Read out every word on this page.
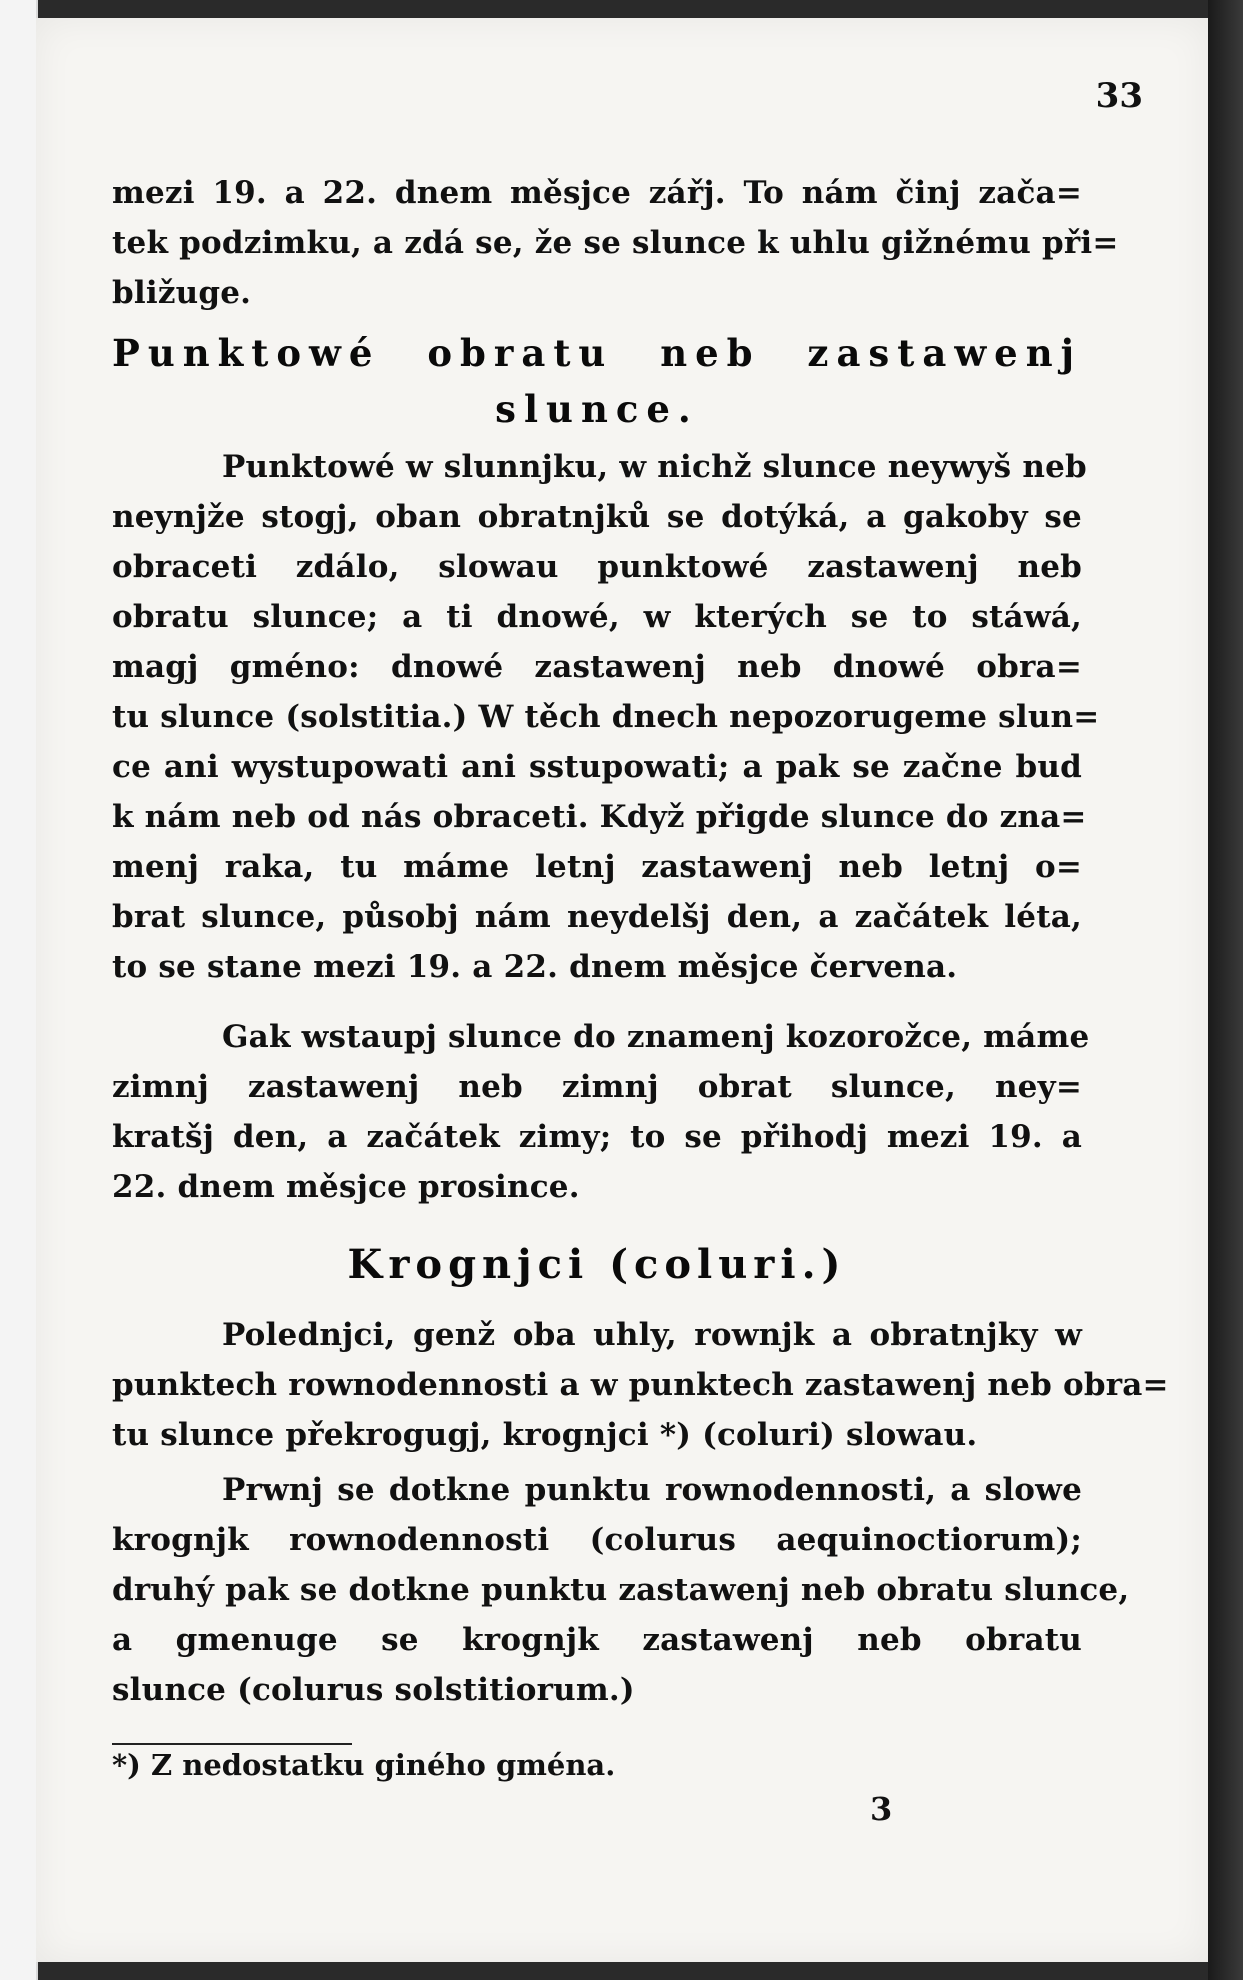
33
mezi 19. a 22. dnem měsjce zářj. To nám činj zača=
tek podzimku, a zdá se, že se slunce k uhlu gižnému při=
bližuge.
Punktowé obratu neb zastawenj
slunce.
Punktowé w slunnjku, w nichž slunce neywyš neb
neynjže stogj, oban obratnjků se dotýká, a gakoby se
obraceti zdálo, slowau punktowé zastawenj neb
obratu slunce; a ti dnowé, w kterých se to stáwá,
magj gméno: dnowé zastawenj neb dnowé obra=
tu slunce (solstitia.) W těch dnech nepozorugeme slun=
ce ani wystupowati ani sstupowati; a pak se začne bud
k nám neb od nás obraceti. Když přigde slunce do zna=
menj raka, tu máme letnj zastawenj neb letnj o=
brat slunce, působj nám neydelšj den, a začátek léta,
to se stane mezi 19. a 22. dnem měsjce červena.
Gak wstaupj slunce do znamenj kozorožce, máme
zimnj zastawenj neb zimnj obrat slunce, ney=
kratšj den, a začátek zimy; to se přihodj mezi 19. a
22. dnem měsjce prosince.
Krognjci (coluri.)
Polednjci, genž oba uhly, rownjk a obratnjky w
punktech rownodennosti a w punktech zastawenj neb obra=
tu slunce překrogugj, krognjci *) (coluri) slowau.
Prwnj se dotkne punktu rownodennosti, a slowe
krognjk rownodennosti (colurus aequinoctiorum);
druhý pak se dotkne punktu zastawenj neb obratu slunce,
a gmenuge se krognjk zastawenj neb obratu
slunce (colurus solstitiorum.)
*) Z nedostatku giného gména.
3
